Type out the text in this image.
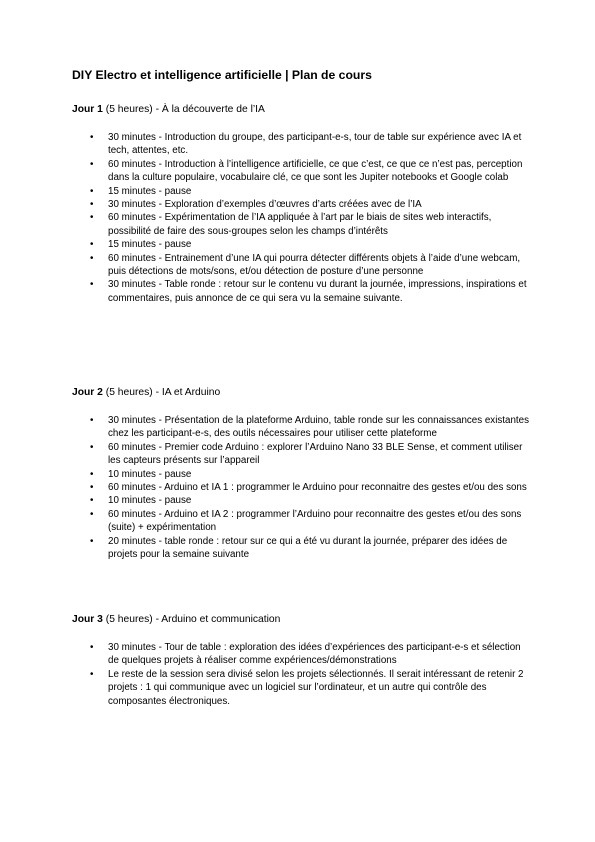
DIY Electro et intelligence artificielle | Plan de cours

Jour 1 (5 heures) - À la découverte de l’IA

• 30 minutes - Introduction du groupe, des participant-e-s, tour de table sur expérience avec IA et tech, attentes, etc.
• 60 minutes - Introduction à l’intelligence artificielle, ce que c’est, ce que ce n’est pas, perception dans la culture populaire, vocabulaire clé, ce que sont les Jupiter notebooks et Google colab
• 15 minutes - pause
• 30 minutes - Exploration d’exemples d’œuvres d’arts créées avec de l’IA
• 60 minutes - Expérimentation de l’IA appliquée à l’art par le biais de sites web interactifs, possibilité de faire des sous-groupes selon les champs d’intérêts
• 15 minutes - pause
• 60 minutes - Entrainement d’une IA qui pourra détecter différents objets à l’aide d’une webcam, puis détections de mots/sons, et/ou détection de posture d’une personne
• 30 minutes - Table ronde : retour sur le contenu vu durant la journée, impressions, inspirations et commentaires, puis annonce de ce qui sera vu la semaine suivante.

Jour 2 (5 heures) - IA et Arduino

• 30 minutes - Présentation de la plateforme Arduino, table ronde sur les connaissances existantes chez les participant-e-s, des outils nécessaires pour utiliser cette plateforme
• 60 minutes - Premier code Arduino : explorer l’Arduino Nano 33 BLE Sense, et comment utiliser les capteurs présents sur l’appareil
• 10 minutes - pause
• 60 minutes - Arduino et IA 1 : programmer le Arduino pour reconnaitre des gestes et/ou des sons
• 10 minutes - pause
• 60 minutes - Arduino et IA 2 : programmer l’Arduino pour reconnaitre des gestes et/ou des sons (suite) + expérimentation
• 20 minutes - table ronde : retour sur ce qui a été vu durant la journée, préparer des idées de projets pour la semaine suivante

Jour 3 (5 heures) - Arduino et communication

• 30 minutes - Tour de table : exploration des idées d’expériences des participant-e-s et sélection de quelques projets à réaliser comme expériences/démonstrations
• Le reste de la session sera divisé selon les projets sélectionnés. Il serait intéressant de retenir 2 projets : 1 qui communique avec un logiciel sur l’ordinateur, et un autre qui contrôle des composantes électroniques.
